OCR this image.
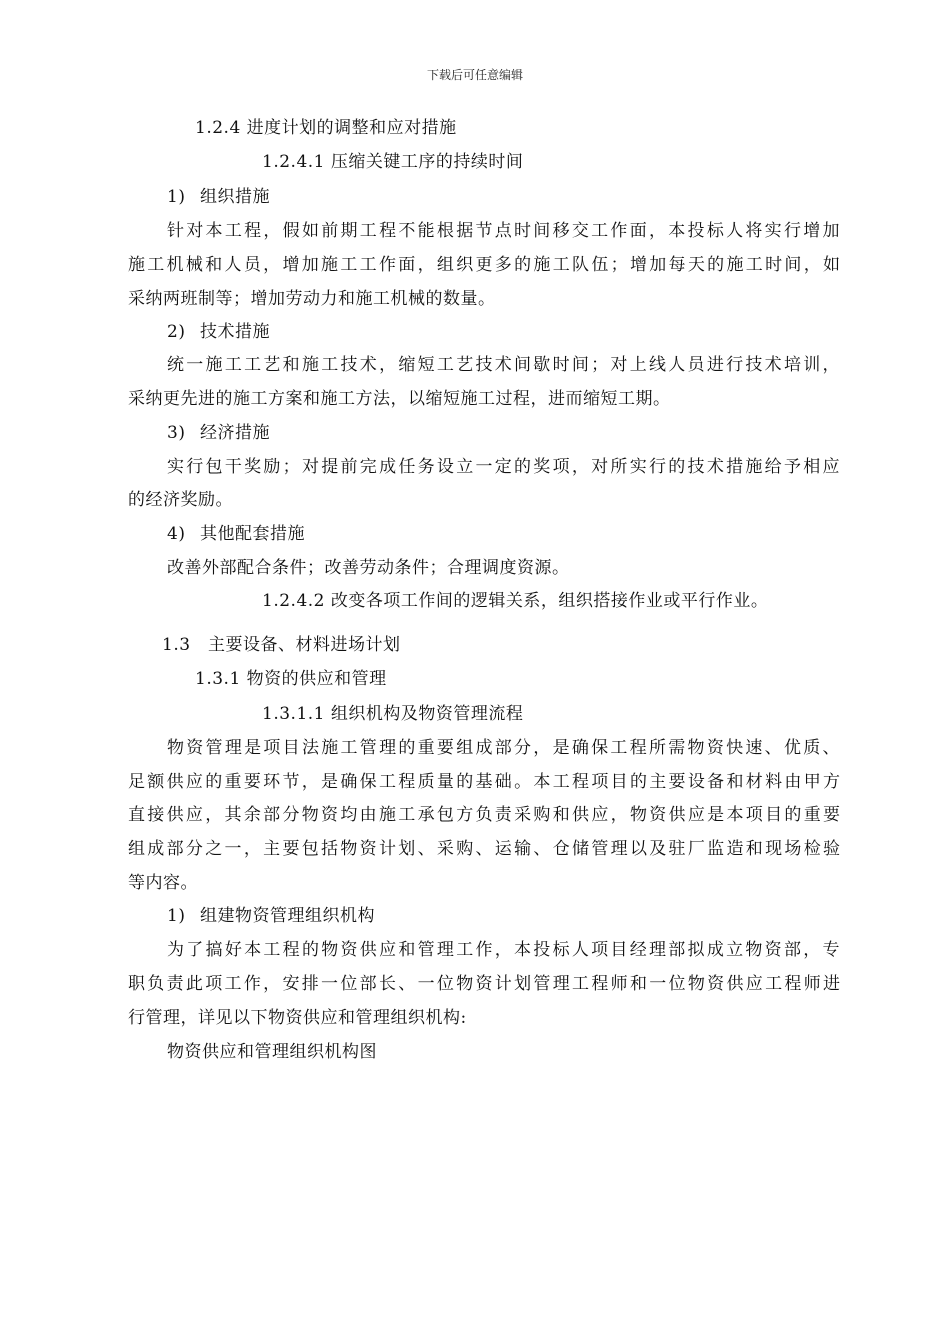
下载后可任意编辑
1.2.4 进度计划的调整和应对措施
1.2.4.1 压缩关键工序的持续时间
1) 组织措施
针对本工程，假如前期工程不能根据节点时间移交工作面，本投标人将实行增加
施工机械和人员，增加施工工作面，组织更多的施工队伍；增加每天的施工时间，如
采纳两班制等；增加劳动力和施工机械的数量。
2) 技术措施
统一施工工艺和施工技术，缩短工艺技术间歇时间；对上线人员进行技术培训，
采纳更先进的施工方案和施工方法，以缩短施工过程，进而缩短工期。
3) 经济措施
实行包干奖励；对提前完成任务设立一定的奖项，对所实行的技术措施给予相应
的经济奖励。
4) 其他配套措施
改善外部配合条件；改善劳动条件；合理调度资源。
1.2.4.2 改变各项工作间的逻辑关系，组织搭接作业或平行作业。
1.3 主要设备、材料进场计划
1.3.1 物资的供应和管理
1.3.1.1 组织机构及物资管理流程
物资管理是项目法施工管理的重要组成部分，是确保工程所需物资快速、优质、
足额供应的重要环节，是确保工程质量的基础。本工程项目的主要设备和材料由甲方
直接供应，其余部分物资均由施工承包方负责采购和供应，物资供应是本项目的重要
组成部分之一，主要包括物资计划、采购、运输、仓储管理以及驻厂监造和现场检验
等内容。
1) 组建物资管理组织机构
为了搞好本工程的物资供应和管理工作，本投标人项目经理部拟成立物资部，专
职负责此项工作，安排一位部长、一位物资计划管理工程师和一位物资供应工程师进
行管理，详见以下物资供应和管理组织机构:
物资供应和管理组织机构图
